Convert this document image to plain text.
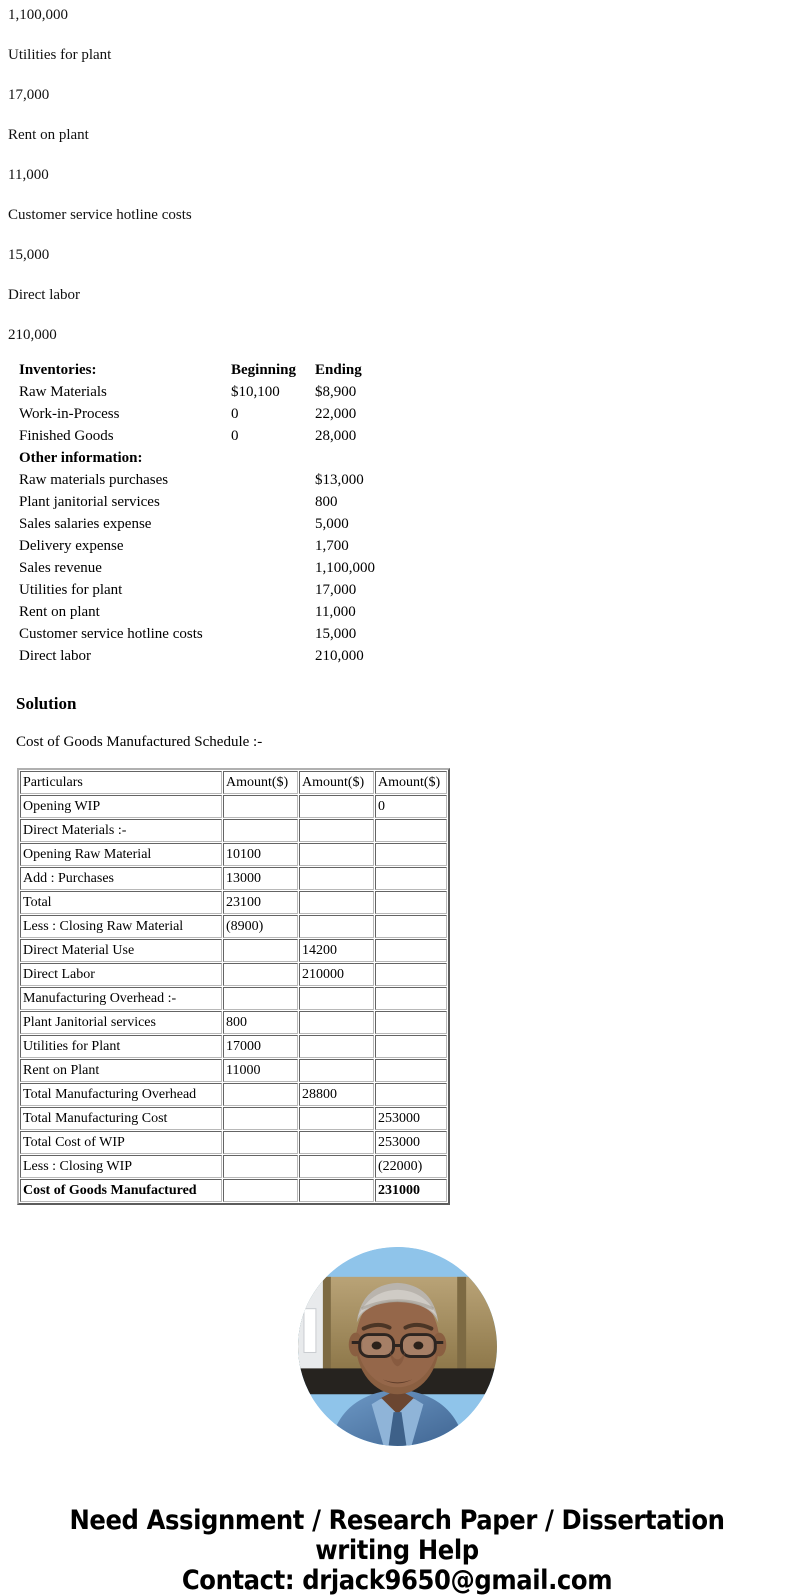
1,100,000

Utilities for plant

17,000

Rent on plant

11,000

Customer service hotline costs

15,000

Direct labor

210,000

Inventories:	Beginning	Ending
Raw Materials	$10,100	$8,900
Work-in-Process	0	22,000
Finished Goods	0	28,000
Other information:		
Raw materials purchases		$13,000
Plant janitorial services		800
Sales salaries expense		5,000
Delivery expense		1,700
Sales revenue		1,100,000
Utilities for plant		17,000
Rent on plant		11,000
Customer service hotline costs		15,000
Direct labor		210,000
Solution

Cost of Goods Manufactured Schedule :-

Particulars	Amount($)	Amount($)	Amount($)
Opening WIP			0
Direct Materials :-			
Opening Raw Material	10100		
Add : Purchases	13000		
Total	23100		
Less : Closing Raw Material	(8900)		
Direct Material Use		14200	
Direct Labor		210000	
Manufacturing Overhead :-			
Plant Janitorial services	800		
Utilities for Plant	17000		
Rent on Plant	11000		
Total Manufacturing Overhead		28800	
Total Manufacturing Cost			253000
Total Cost of WIP			253000
Less : Closing WIP			(22000)
Cost of Goods Manufactured			231000
Need Assignment / Research Paper / Dissertation
writing Help
Contact: drjack9650@gmail.com
